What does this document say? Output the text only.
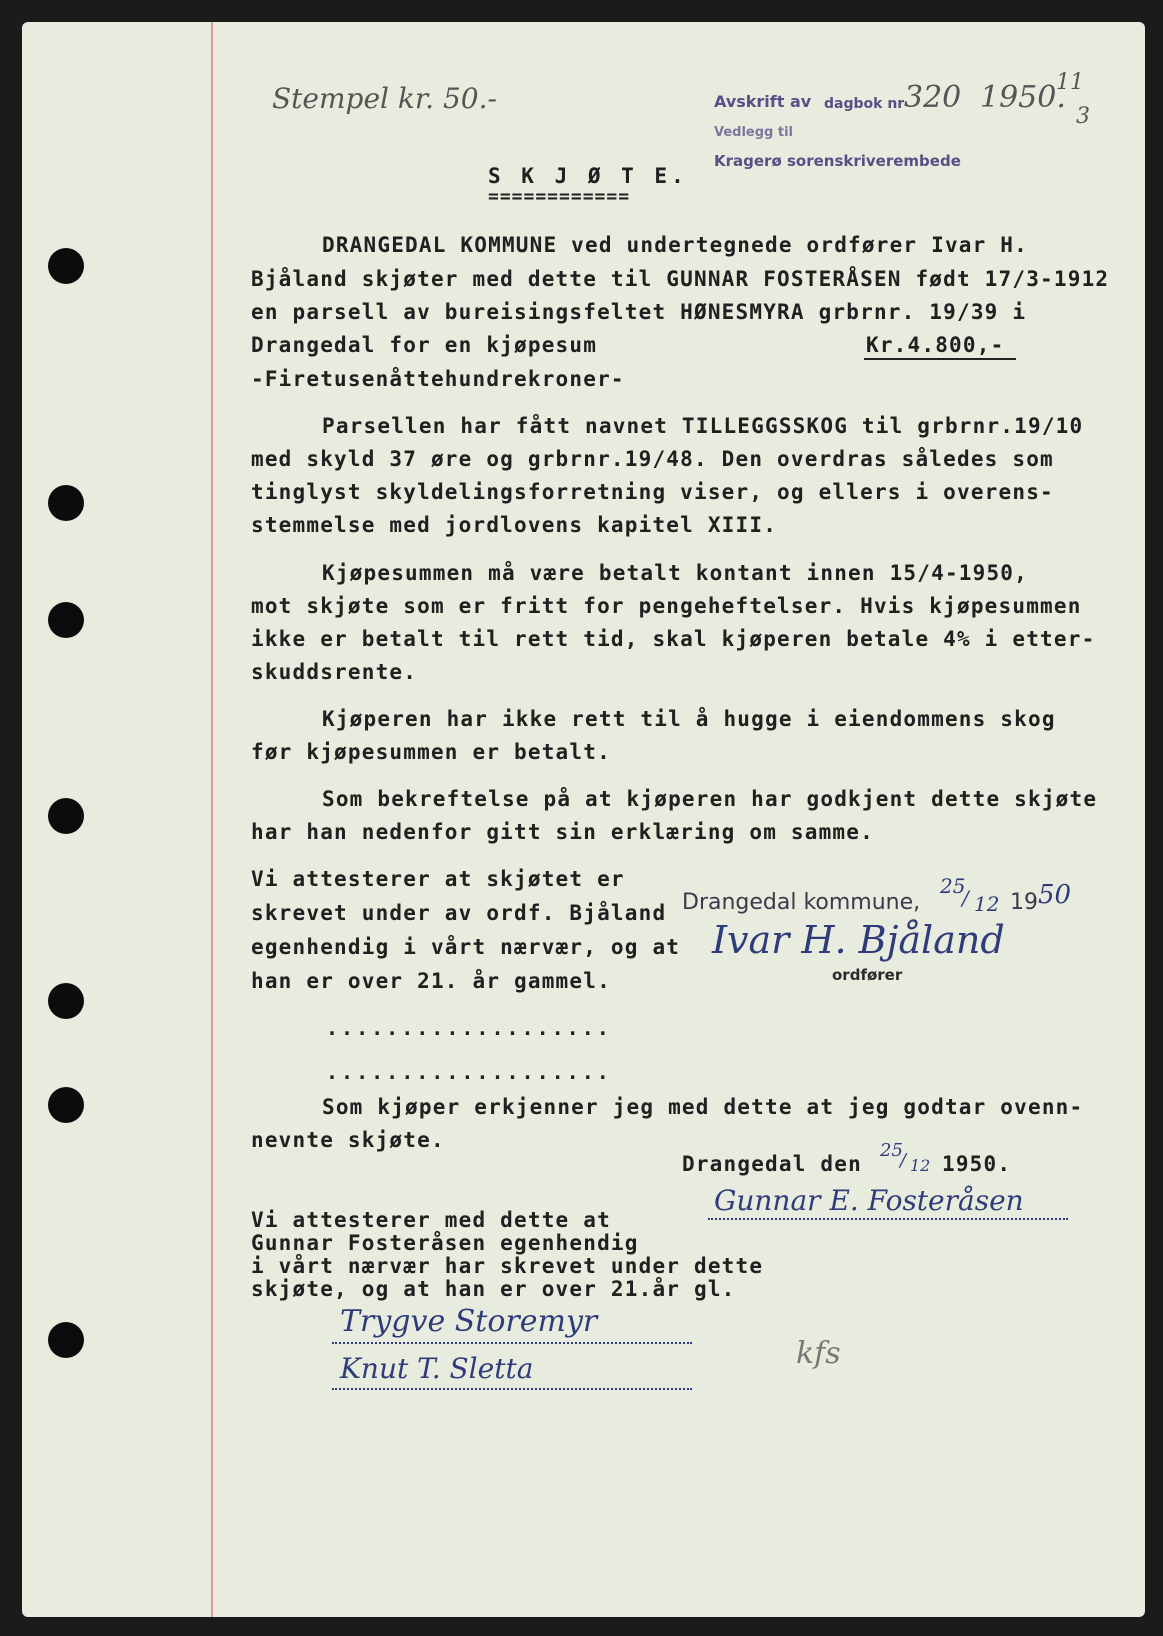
Stempel kr. 50.-	Avskrift av dagbok nr 320 1950.
11
3
Vedlegg til
Kragerø sorenskriverembede
S K J Ø T E.
============
DRANGEDAL KOMMUNE ved undertegnede ordfører Ivar H.
Bjåland skjøter med dette til GUNNAR FOSTERÅSEN født 17/3-1912
en parsell av bureisingsfeltet HØNESMYRA grbrnr. 19/39 i
Drangedal for en kjøpesum	Kr.4.800,-
-Firetusenåttehundrekroner-
Parsellen har fått navnet TILLEGGSSKOG til grbrnr.19/10
med skyld 37 øre og grbrnr.19/48. Den overdras således som
tinglyst skyldelingsforretning viser, og ellers i overens-
stemmelse med jordlovens kapitel XIII.
Kjøpesummen må være betalt kontant innen 15/4-1950,
mot skjøte som er fritt for pengeheftelser. Hvis kjøpesummen
ikke er betalt til rett tid, skal kjøperen betale 4% i etter-
skuddsrente.
Kjøperen har ikke rett til å hugge i eiendommens skog
før kjøpesummen er betalt.
Som bekreftelse på at kjøperen har godkjent dette skjøte
har han nedenfor gitt sin erklæring om samme.
Vi attesterer at skjøtet er
skrevet under av ordf. Bjåland
egenhendig i vårt nærvær, og at
han er over 21. år gammel.
Drangedal kommune,
25
/ 12 19 50
Ivar H. Bjåland
ordfører
...................
...................
Som kjøper erkjenner jeg med dette at jeg godtar ovenn-
nevnte skjøte.
Drangedal den
25
/ 12 1950.
Gunnar E. Fosteråsen
Vi attesterer med dette at
Gunnar Fosteråsen egenhendig
i vårt nærvær har skrevet under dette
skjøte, og at han er over 21.år gl.
Trygve Storemyr
Knut T. Sletta	kfs
